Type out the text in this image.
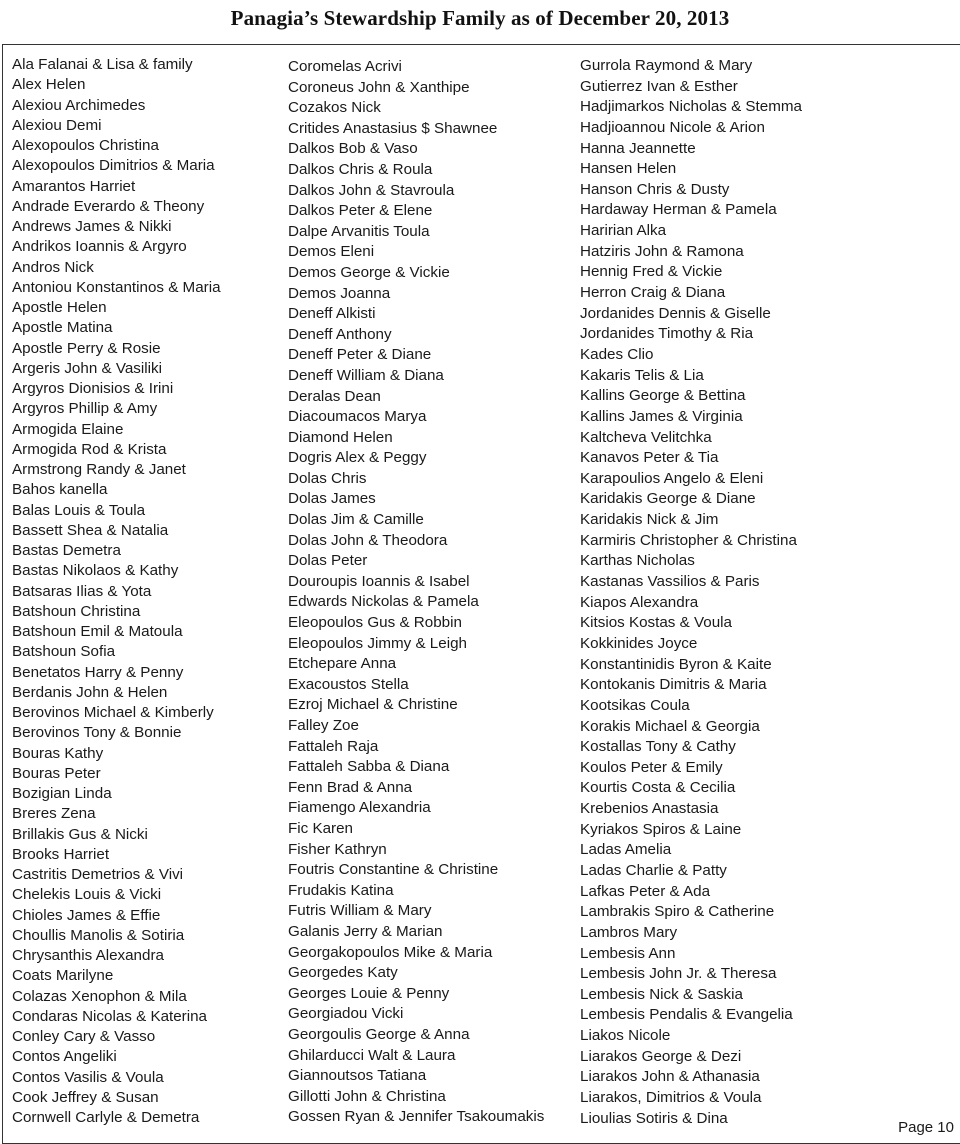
Panagia’s Stewardship Family as of December 20, 2013
Ala Falanai & Lisa & family
Alex Helen
Alexiou Archimedes
Alexiou Demi
Alexopoulos Christina
Alexopoulos Dimitrios & Maria
Amarantos Harriet
Andrade Everardo & Theony
Andrews James & Nikki
Andrikos Ioannis & Argyro
Andros Nick
Antoniou Konstantinos & Maria
Apostle Helen
Apostle Matina
Apostle Perry & Rosie
Argeris John & Vasiliki
Argyros Dionisios & Irini
Argyros Phillip & Amy
Armogida Elaine
Armogida Rod & Krista
Armstrong Randy & Janet
Bahos kanella
Balas Louis & Toula
Bassett Shea & Natalia
Bastas Demetra
Bastas Nikolaos & Kathy
Batsaras Ilias & Yota
Batshoun Christina
Batshoun Emil & Matoula
Batshoun Sofia
Benetatos Harry & Penny
Berdanis John & Helen
Berovinos Michael & Kimberly
Berovinos Tony & Bonnie
Bouras Kathy
Bouras Peter
Bozigian Linda
Breres Zena
Brillakis Gus & Nicki
Brooks Harriet
Castritis Demetrios & Vivi
Chelekis Louis & Vicki
Chioles James & Effie
Choullis Manolis & Sotiria
Chrysanthis Alexandra
Coats Marilyne
Colazas Xenophon & Mila
Condaras Nicolas & Katerina
Conley Cary & Vasso
Contos Angeliki
Contos Vasilis & Voula
Cook Jeffrey & Susan
Cornwell Carlyle & Demetra
Coromelas Acrivi
Coroneus John & Xanthipe
Cozakos Nick
Critides Anastasius $ Shawnee
Dalkos Bob & Vaso
Dalkos Chris & Roula
Dalkos John & Stavroula
Dalkos Peter & Elene
Dalpe Arvanitis Toula
Demos Eleni
Demos George & Vickie
Demos Joanna
Deneff Alkisti
Deneff Anthony
Deneff Peter & Diane
Deneff William & Diana
Deralas Dean
Diacoumacos Marya
Diamond Helen
Dogris Alex & Peggy
Dolas Chris
Dolas James
Dolas Jim & Camille
Dolas John & Theodora
Dolas Peter
Douroupis Ioannis & Isabel
Edwards Nickolas & Pamela
Eleopoulos Gus & Robbin
Eleopoulos Jimmy & Leigh
Etchepare Anna
Exacoustos Stella
Ezroj Michael & Christine
Falley Zoe
Fattaleh Raja
Fattaleh Sabba & Diana
Fenn Brad & Anna
Fiamengo Alexandria
Fic Karen
Fisher Kathryn
Foutris Constantine & Christine
Frudakis Katina
Futris William & Mary
Galanis Jerry & Marian
Georgakopoulos Mike & Maria
Georgedes Katy
Georges Louie & Penny
Georgiadou Vicki
Georgoulis George & Anna
Ghilarducci Walt & Laura
Giannoutsos Tatiana
Gillotti John & Christina
Gossen Ryan & Jennifer Tsakoumakis
Gurrola Raymond & Mary
Gutierrez Ivan & Esther
Hadjimarkos Nicholas & Stemma
Hadjioannou Nicole & Arion
Hanna Jeannette
Hansen Helen
Hanson Chris & Dusty
Hardaway Herman & Pamela
Haririan Alka
Hatziris John & Ramona
Hennig Fred & Vickie
Herron Craig & Diana
Jordanides Dennis & Giselle
Jordanides Timothy & Ria
Kades Clio
Kakaris Telis & Lia
Kallins George & Bettina
Kallins James & Virginia
Kaltcheva Velitchka
Kanavos Peter & Tia
Karapoulios Angelo & Eleni
Karidakis George & Diane
Karidakis Nick & Jim
Karmiris Christopher & Christina
Karthas Nicholas
Kastanas Vassilios & Paris
Kiapos Alexandra
Kitsios Kostas & Voula
Kokkinides Joyce
Konstantinidis Byron & Kaite
Kontokanis Dimitris & Maria
Kootsikas Coula
Korakis Michael & Georgia
Kostallas Tony & Cathy
Koulos Peter & Emily
Kourtis Costa & Cecilia
Krebenios Anastasia
Kyriakos Spiros & Laine
Ladas Amelia
Ladas Charlie & Patty
Lafkas Peter & Ada
Lambrakis Spiro & Catherine
Lambros Mary
Lembesis Ann
Lembesis John Jr. & Theresa
Lembesis Nick & Saskia
Lembesis Pendalis & Evangelia
Liakos Nicole
Liarakos George & Dezi
Liarakos John & Athanasia
Liarakos, Dimitrios & Voula
Lioulias Sotiris & Dina
Page 10
